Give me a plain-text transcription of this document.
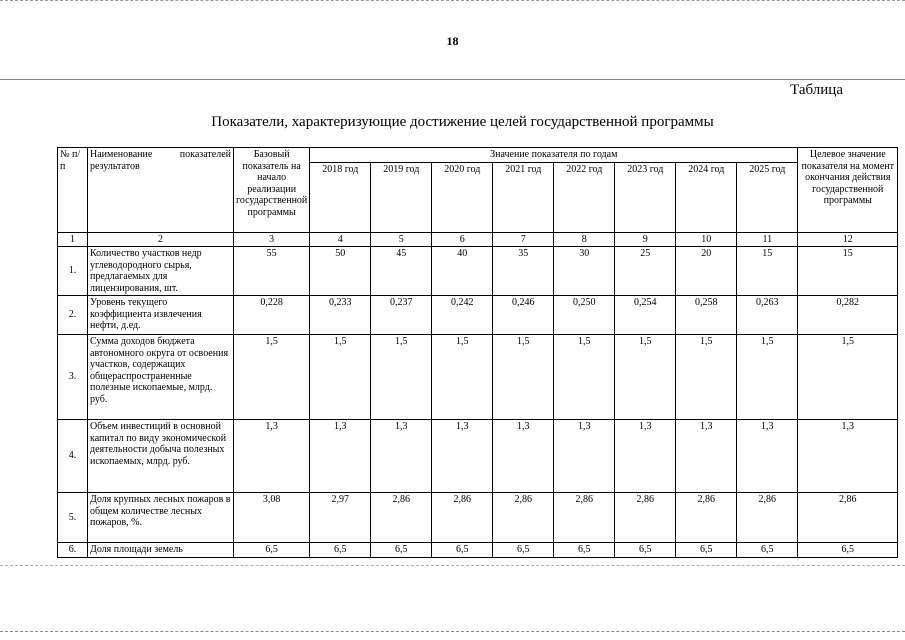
18
Таблица
Показатели, характеризующие достижение целей государственной программы
№ п/п	Наименование показателей результатов	Базовый показатель на начало реализации государственной программы	Значение показателя по годам								Целевое значение показателя на момент окончания действия государственной программы
			2018 год	2019 год	2020 год	2021 год	2022 год	2023 год	2024 год	2025 год	
1	2	3	4	5	6	7	8	9	10	11	12
1.	Количество участков недр углеводородного сырья, предлагаемых для лицензирования, шт.	55	50	45	40	35	30	25	20	15	15
2.	Уровень текущего коэффициента извлечения нефти, д.ед.	0,228	0,233	0,237	0,242	0,246	0,250	0,254	0,258	0,263	0,282
3.	Сумма доходов бюджета автономного округа от освоения участков, содержащих общераспространенные полезные ископаемые, млрд. руб.	1,5	1,5	1,5	1,5	1,5	1,5	1,5	1,5	1,5	1,5
4.	Объем инвестиций в основной капитал по виду экономической деятельности добыча полезных ископаемых, млрд. руб.	1,3	1,3	1,3	1,3	1,3	1,3	1,3	1,3	1,3	1,3
5.	Доля крупных лесных пожаров в общем количестве лесных пожаров, %.	3,08	2,97	2,86	2,86	2,86	2,86	2,86	2,86	2,86	2,86
6.	Доля площади земель	6,5	6,5	6,5	6,5	6,5	6,5	6,5	6,5	6,5	6,5
